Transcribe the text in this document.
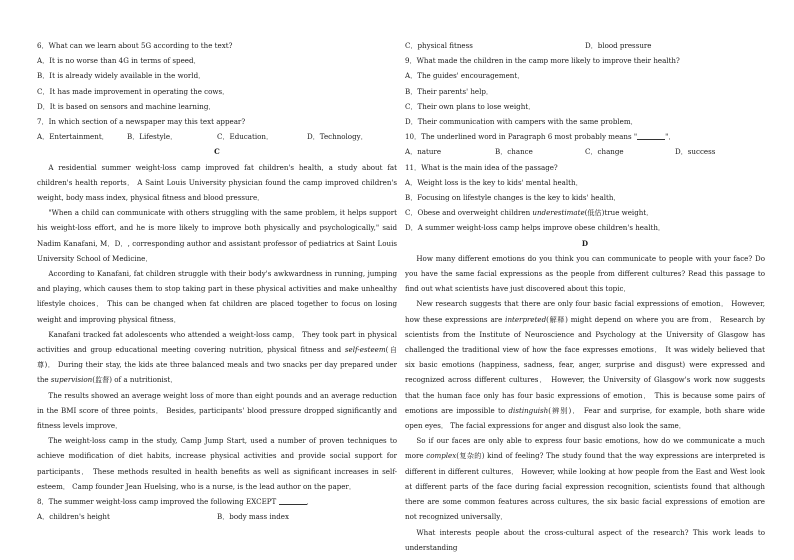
6．What can we learn about 5G according to the text?

A．It is no worse than 4G in terms of speed．

B．It is already widely available in the world．

C．It has made improvement in operating the cows．

D．It is based on sensors and machine learning．

7．In which section of a newspaper may this text appear?

A．Entertainment．	B．Lifestyle．	C．Education．	D．Technology．

C

A residential summer weight-loss camp improved fat children's health, a study about fat children's health reports． A Saint Louis University physician found the camp improved children's weight, body mass index, physical fitness and blood pressure．

"When a child can communicate with others struggling with the same problem, it helps support his weight-loss effort, and he is more likely to improve both physically and psychologically," said Nadim Kanafani, M．D．, corresponding author and assistant professor of pediatrics at Saint Louis University School of Medicine．

According to Kanafani, fat children struggle with their body's awkwardness in running, jumping and playing, which causes them to stop taking part in these physical activities and make unhealthy lifestyle choices． This can be changed when fat children are placed together to focus on losing weight and improving physical fitness．

Kanafani tracked fat adolescents who attended a weight-loss camp． They took part in physical activities and group educational meeting covering nutrition, physical fitness and self-esteem(自尊)． During their stay, the kids ate three balanced meals and two snacks per day prepared under the supervision(监督) of a nutritionist．

The results showed an average weight loss of more than eight pounds and an average reduction in the BMI score of three points． Besides, participants' blood pressure dropped significantly and fitness levels improve．

The weight-loss camp in the study, Camp Jump Start, used a number of proven techniques to achieve modification of diet habits, increase physical activities and provide social support for participants． These methods resulted in health benefits as well as significant increases in self-esteem． Camp founder Jean Huelsing, who is a nurse, is the lead author on the paper．

8．The summer weight-loss camp improved the following EXCEPT	．

A．children's height	B．body mass index
C．physical fitness	D．blood pressure

9．What made the children in the camp more likely to improve their health?

A．The guides' encouragement．

B．Their parents' help．

C．Their own plans to lose weight．

D．Their communication with campers with the same problem．

10．The underlined word in Paragraph 6 most probably means "	"．

A．nature	B．chance	C．change	D．success

11．What is the main idea of the passage?

A．Weight loss is the key to kids' mental health．

B．Focusing on lifestyle changes is the key to kids' health．

C．Obese and overweight children underestimate(低估)true weight．

D．A summer weight-loss camp helps improve obese children's health．

D

How many different emotions do you think you can communicate to people with your face? Do you have the same facial expressions as the people from different cultures? Read this passage to find out what scientists have just discovered about this topic．

New research suggests that there are only four basic facial expressions of emotion． However, how these expressions are interpreted(解释) might depend on where you are from． Research by scientists from the Institute of Neuroscience and Psychology at the University of Glasgow has challenged the traditional view of how the face expresses emotions． It was widely believed that six basic emotions (happiness, sadness, fear, anger, surprise and disgust) were expressed and recognized across different cultures． However, the University of Glasgow's work now suggests that the human face only has four basic expressions of emotion． This is because some pairs of emotions are impossible to distinguish(辨别)． Fear and surprise, for example, both share wide open eyes． The facial expressions for anger and disgust also look the same．

So if our faces are only able to express four basic emotions, how do we communicate a much more complex(复杂的) kind of feeling? The study found that the way expressions are interpreted is different in different cultures． However, while looking at how people from the East and West look at different parts of the face during facial expression recognition, scientists found that although there are some common features across cultures, the six basic facial expressions of emotion are not recognized universally．

What interests people about the cross-cultural aspect of the research? This work leads to understanding
